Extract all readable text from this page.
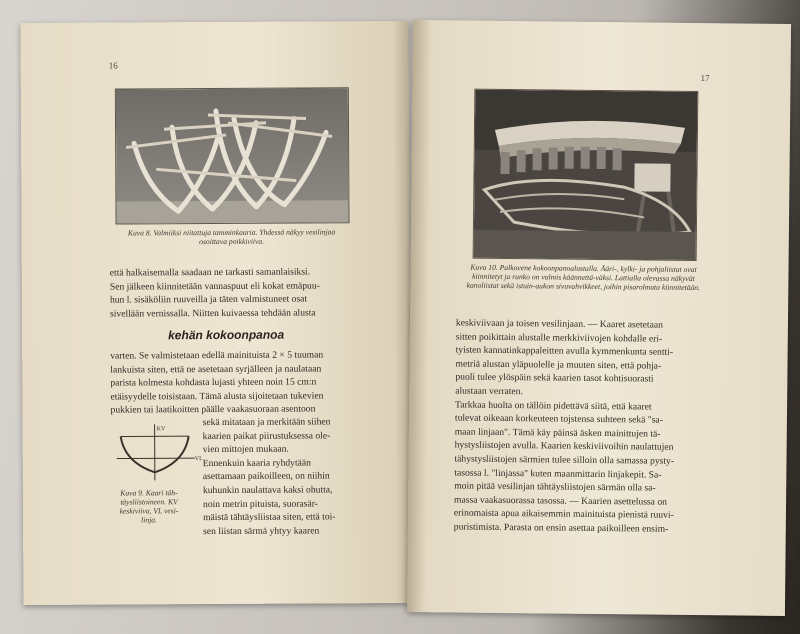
16
Kuva 8. Valmiiksi niitattuja tamminkaaria. Yhdessä näkyy vesilinjaa osoittava poikkiviiva.
että halkaisemalla saadaan ne tarkasti samanlaisiksi.
Sen jälkeen kiinnitetään vannaspuut eli kokat emäpuu-
hun l. sisäköliin ruuveilla ja täten valmistuneet osat
sivellään vernissalla. Niitten kuivaessa tehdään alusta
kehän kokoonpanoa
varten. Se valmistetaan edellä mainituista 2 × 5 tuuman
lankuista siten, että ne asetetaan syrjälleen ja naulataan
parista kolmesta kohdasta lujasti yhteen noin 15 cm:n
etäisyydelle toisistaan. Tämä alusta sijoitetaan tukevien
pukkien tai laatikoitten päälle vaakasuoraan asentoon
KV
VL
Kuva 9. Kaari täh-
täysliistoineen. KV
keskiviiva, VL vesi-
linja.
sekä mitataan ja merkitään siihen
kaarien paikat piirustuksessa ole-
vien mittojen mukaan.
Ennenkuin kaaria ryhdytään
asettamaan paikoilleen, on niihin
kuhunkin naulattava kaksi ohutta,
noin metrin pituista, suorasär-
mäistä tähtäysliistaa siten, että toi-
sen liistan särmä yhtyy kaaren
17
Kuva 10. Palkovene kokoonpanoalustalla. Ääri-, kylki- ja pohjaliistat ovat kiinnitetyt ja runko on valmis käännettä-väksi. Lattialla olevassa näkyvät kanoliistat sekä istuin-aukon sivuvahvikkeet, joihin pisarolmuta kiinnitetään.
keskiviivaan ja toisen vesilinjaan. — Kaaret asetetaan
sitten poikittain alustalle merkkiviivojen kohdalle eri-
tyisten kannatinkappaleitten avulla kymmenkunta sentti-
metriä alustan yläpuolelle ja muuten siten, että pohja-
puoli tulee ylöspäin sekä kaarien tasot kohtisuorasti
alustaan verraten.
Tarkkaa huolta on tällöin pidettävä siitä, että kaaret
tulevat oikeaan korkeuteen tojstensa suhteen sekä "sa-
maan linjaan". Tämä käy päinsä äsken mainittujen tä-
hystysliistojen avulla. Kaarien keskiviivoihin naulattujen
tähystysliistojen särmien tulee silloin olla samassa pysty-
tasossa l. "linjassa" kuten maanmittarin linjakepit. Sa-
moin pitää vesilinjan tähtäysliistojen särmän olla sa-
massa vaakasuorassa tasossa. — Kaarien asettelussa on
erinomaista apua aikaisemmin mainituista pienistä ruuvi-
puristimista. Parasta on ensin asettaa paikoilleen ensim-
